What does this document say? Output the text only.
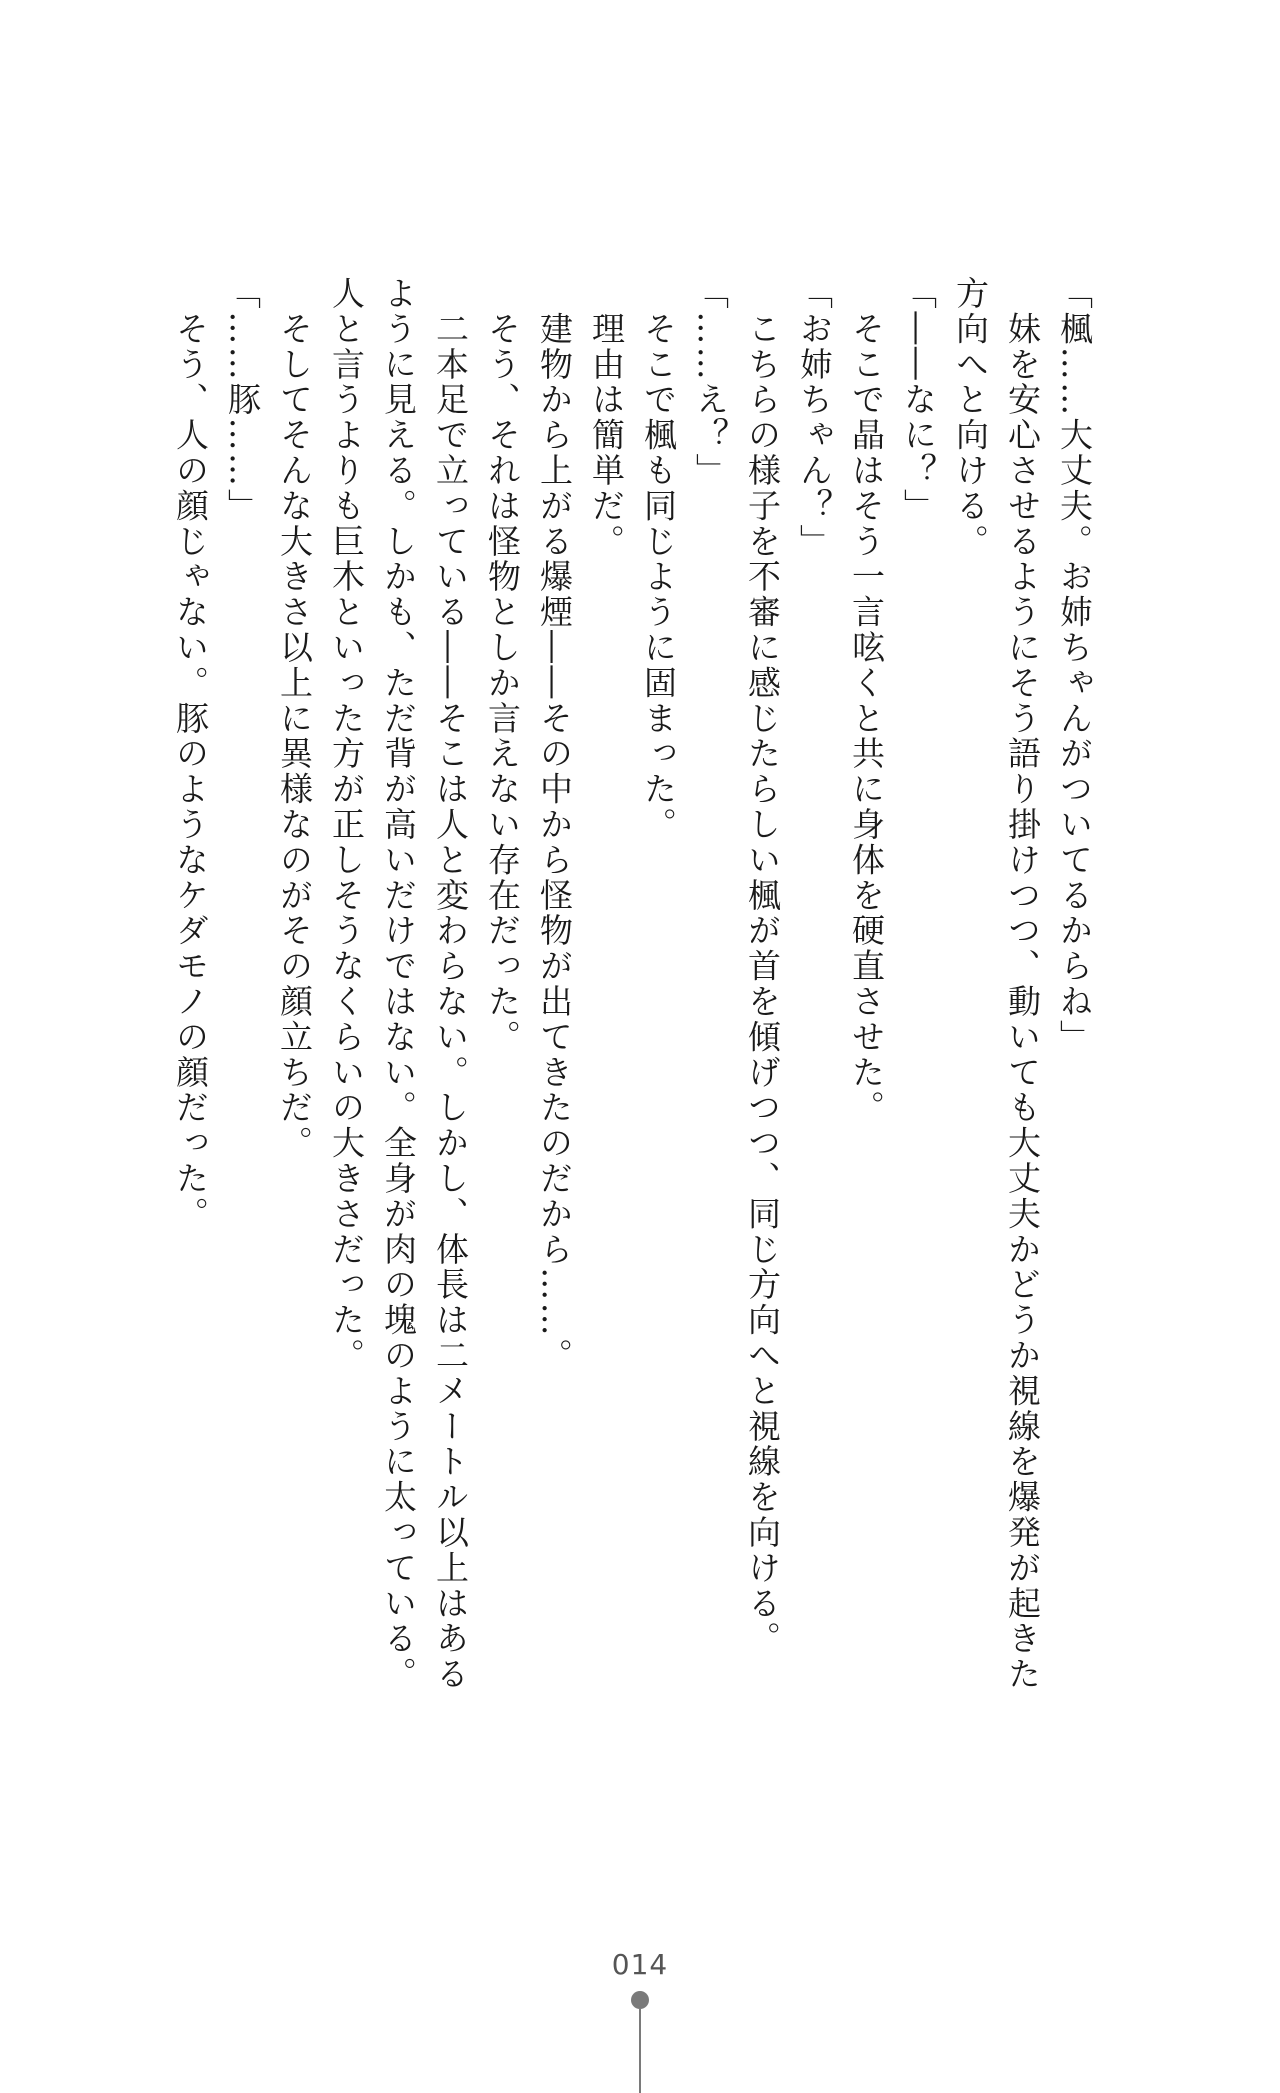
「楓……大丈夫。お姉ちゃんがついてるからね」
　妹を安心させるようにそう語り掛けつつ、動いても大丈夫かどうか視線を爆発が起きた
方向へと向ける。
「――なに？」
　そこで晶はそう一言呟くと共に身体を硬直させた。
「お姉ちゃん？」
　こちらの様子を不審に感じたらしい楓が首を傾げつつ、同じ方向へと視線を向ける。
「……え？」
　そこで楓も同じように固まった。
　理由は簡単だ。
　建物から上がる爆煙――その中から怪物が出てきたのだから……。
　そう、それは怪物としか言えない存在だった。
　二本足で立っている――そこは人と変わらない。しかし、体長は二メートル以上はある
ように見える。しかも、ただ背が高いだけではない。全身が肉の塊のように太っている。
人と言うよりも巨木といった方が正しそうなくらいの大きさだった。
　そしてそんな大きさ以上に異様なのがその顔立ちだ。
「……豚……」
　そう、人の顔じゃない。豚のようなケダモノの顔だった。
014
